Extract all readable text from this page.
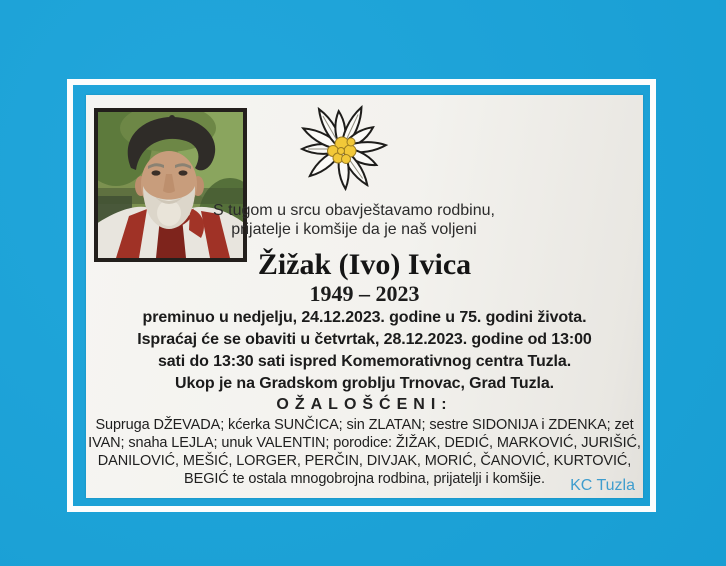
S tugom u srcu obavještavamo rodbinu,
prijatelje i komšije da je naš voljeni
Žižak (Ivo) Ivica
1949 – 2023
preminuo u nedjelju, 24.12.2023. godine u 75. godini života.
Ispraćaj će se obaviti u četvrtak, 28.12.2023. godine od 13:00
sati do 13:30 sati ispred Komemorativnog centra Tuzla.
Ukop je na Gradskom groblju Trnovac, Grad Tuzla.
OŽALOŠĆENI:
Supruga DŽEVADA; kćerka SUNČICA; sin ZLATAN; sestre SIDONIJA i ZDENKA; zet
IVAN; snaha LEJLA; unuk VALENTIN; porodice: ŽIŽAK, DEDIĆ, MARKOVIĆ, JURIŠIĆ,
DANILOVIĆ, MEŠIĆ, LORGER, PERČIN, DIVJAK, MORIĆ, ČANOVIĆ, KURTOVIĆ,
BEGIĆ te ostala mnogobrojna rodbina, prijatelji i komšije.	KC Tuzla
